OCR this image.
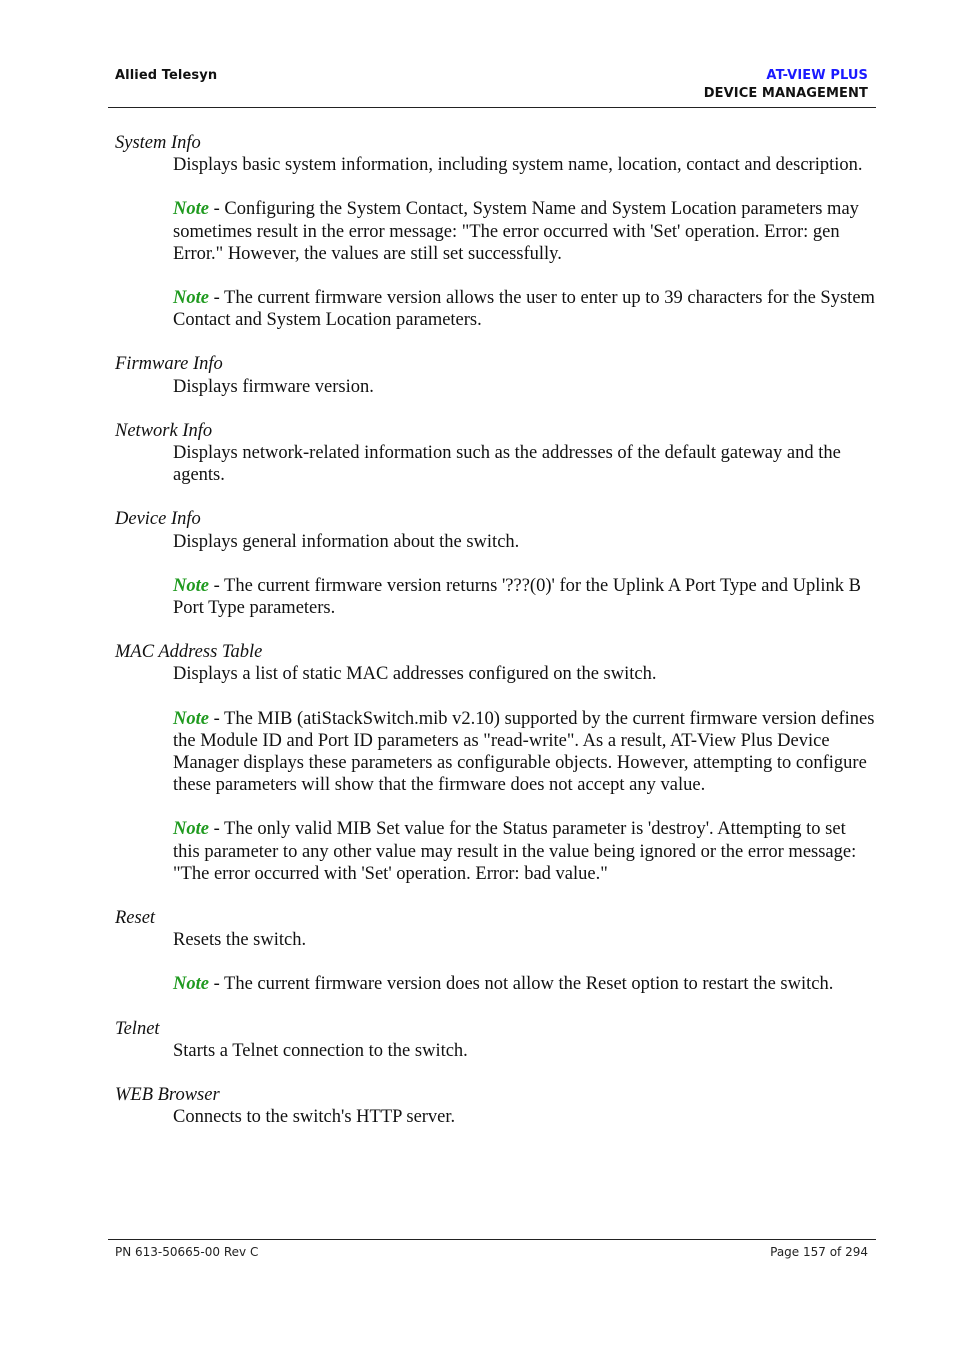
Allied Telesyn	AT-VIEW PLUS
DEVICE MANAGEMENT

System Info

Displays basic system information, including system name, location, contact and description.

Note - Configuring the System Contact, System Name and System Location parameters may sometimes result in the error message: "The error occurred with 'Set' operation. Error: gen Error." However, the values are still set successfully.

Note - The current firmware version allows the user to enter up to 39 characters for the System Contact and System Location parameters.

Firmware Info

Displays firmware version.

Network Info

Displays network-related information such as the addresses of the default gateway and the agents.

Device Info

Displays general information about the switch.

Note - The current firmware version returns '???(0)' for the Uplink A Port Type and Uplink B Port Type parameters.

MAC Address Table

Displays a list of static MAC addresses configured on the switch.

Note - The MIB (atiStackSwitch.mib v2.10) supported by the current firmware version defines the Module ID and Port ID parameters as "read-write". As a result, AT-View Plus Device Manager displays these parameters as configurable objects. However, attempting to configure these parameters will show that the firmware does not accept any value.

Note - The only valid MIB Set value for the Status parameter is 'destroy'. Attempting to set this parameter to any other value may result in the value being ignored or the error message: "The error occurred with 'Set' operation. Error: bad value."

Reset

Resets the switch.

Note - The current firmware version does not allow the Reset option to restart the switch.

Telnet

Starts a Telnet connection to the switch.

WEB Browser

Connects to the switch's HTTP server.

PN 613-50665-00 Rev C	Page 157 of 294
